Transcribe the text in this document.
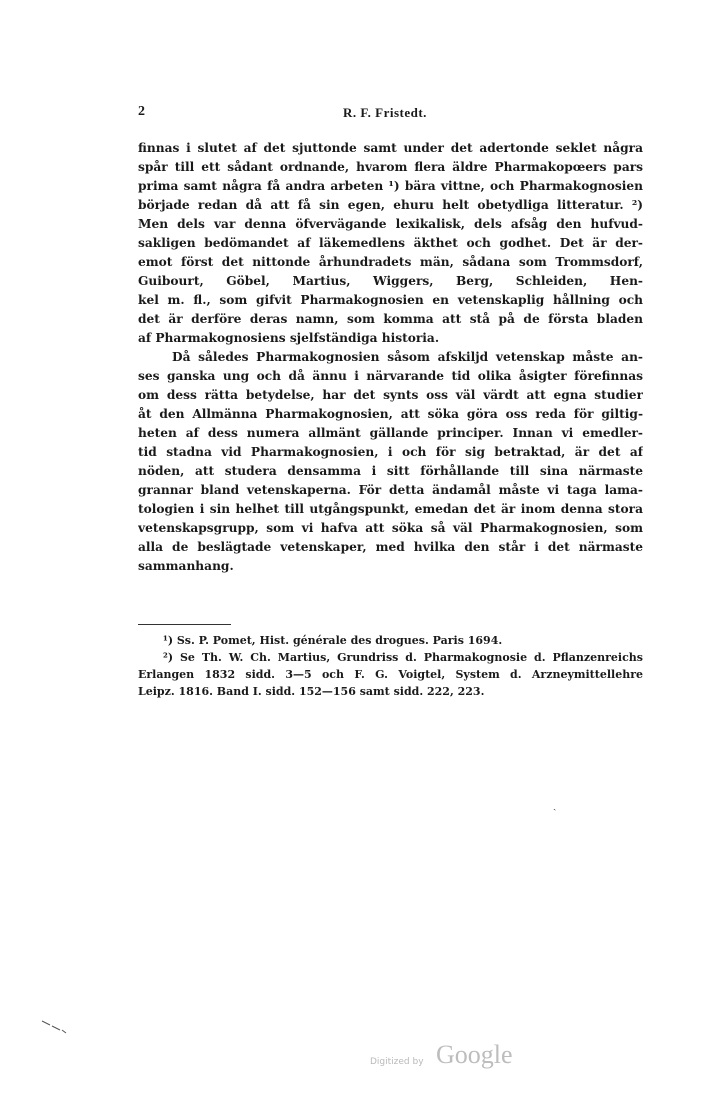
2	R. F. Fristedt.
finnas i slutet af det sjuttonde samt under det adertonde seklet några
spår till ett sådant ordnande, hvarom flera äldre Pharmakopœers pars
prima samt några få andra arbeten ¹) bära vittne, och Pharmakognosien
började redan då att få sin egen, ehuru helt obetydliga litteratur. ²)
Men dels var denna öfvervägande lexikalisk, dels afsåg den hufvud-
sakligen bedömandet af läkemedlens äkthet och godhet. Det är der-
emot först det nittonde århundradets män, sådana som Trommsdorf,
Guibourt, Göbel, Martius, Wiggers, Berg, Schleiden, Hen-
kel m. fl., som gifvit Pharmakognosien en vetenskaplig hållning och
det är derföre deras namn, som komma att stå på de första bladen
af Pharmakognosiens sjelfständiga historia.
Då således Pharmakognosien såsom afskiljd vetenskap måste an-
ses ganska ung och då ännu i närvarande tid olika åsigter förefinnas
om dess rätta betydelse, har det synts oss väl värdt att egna studier
åt den Allmänna Pharmakognosien, att söka göra oss reda för giltig-
heten af dess numera allmänt gällande principer. Innan vi emedler-
tid stadna vid Pharmakognosien, i och för sig betraktad, är det af
nöden, att studera densamma i sitt förhållande till sina närmaste
grannar bland vetenskaperna. För detta ändamål måste vi taga lama-
tologien i sin helhet till utgångspunkt, emedan det är inom denna stora
vetenskapsgrupp, som vi hafva att söka så väl Pharmakognosien, som
alla de beslägtade vetenskaper, med hvilka den står i det närmaste
sammanhang.
¹) Ss. P. Pomet, Hist. générale des drogues. Paris 1694.
²) Se Th. W. Ch. Martius, Grundriss d. Pharmakognosie d. Pflanzenreichs
Erlangen 1832 sidd. 3—5 och F. G. Voigtel, System d. Arzneymittellehre
Leipz. 1816. Band I. sidd. 152—156 samt sidd. 222, 223.
ˎ
Digitized by Google
